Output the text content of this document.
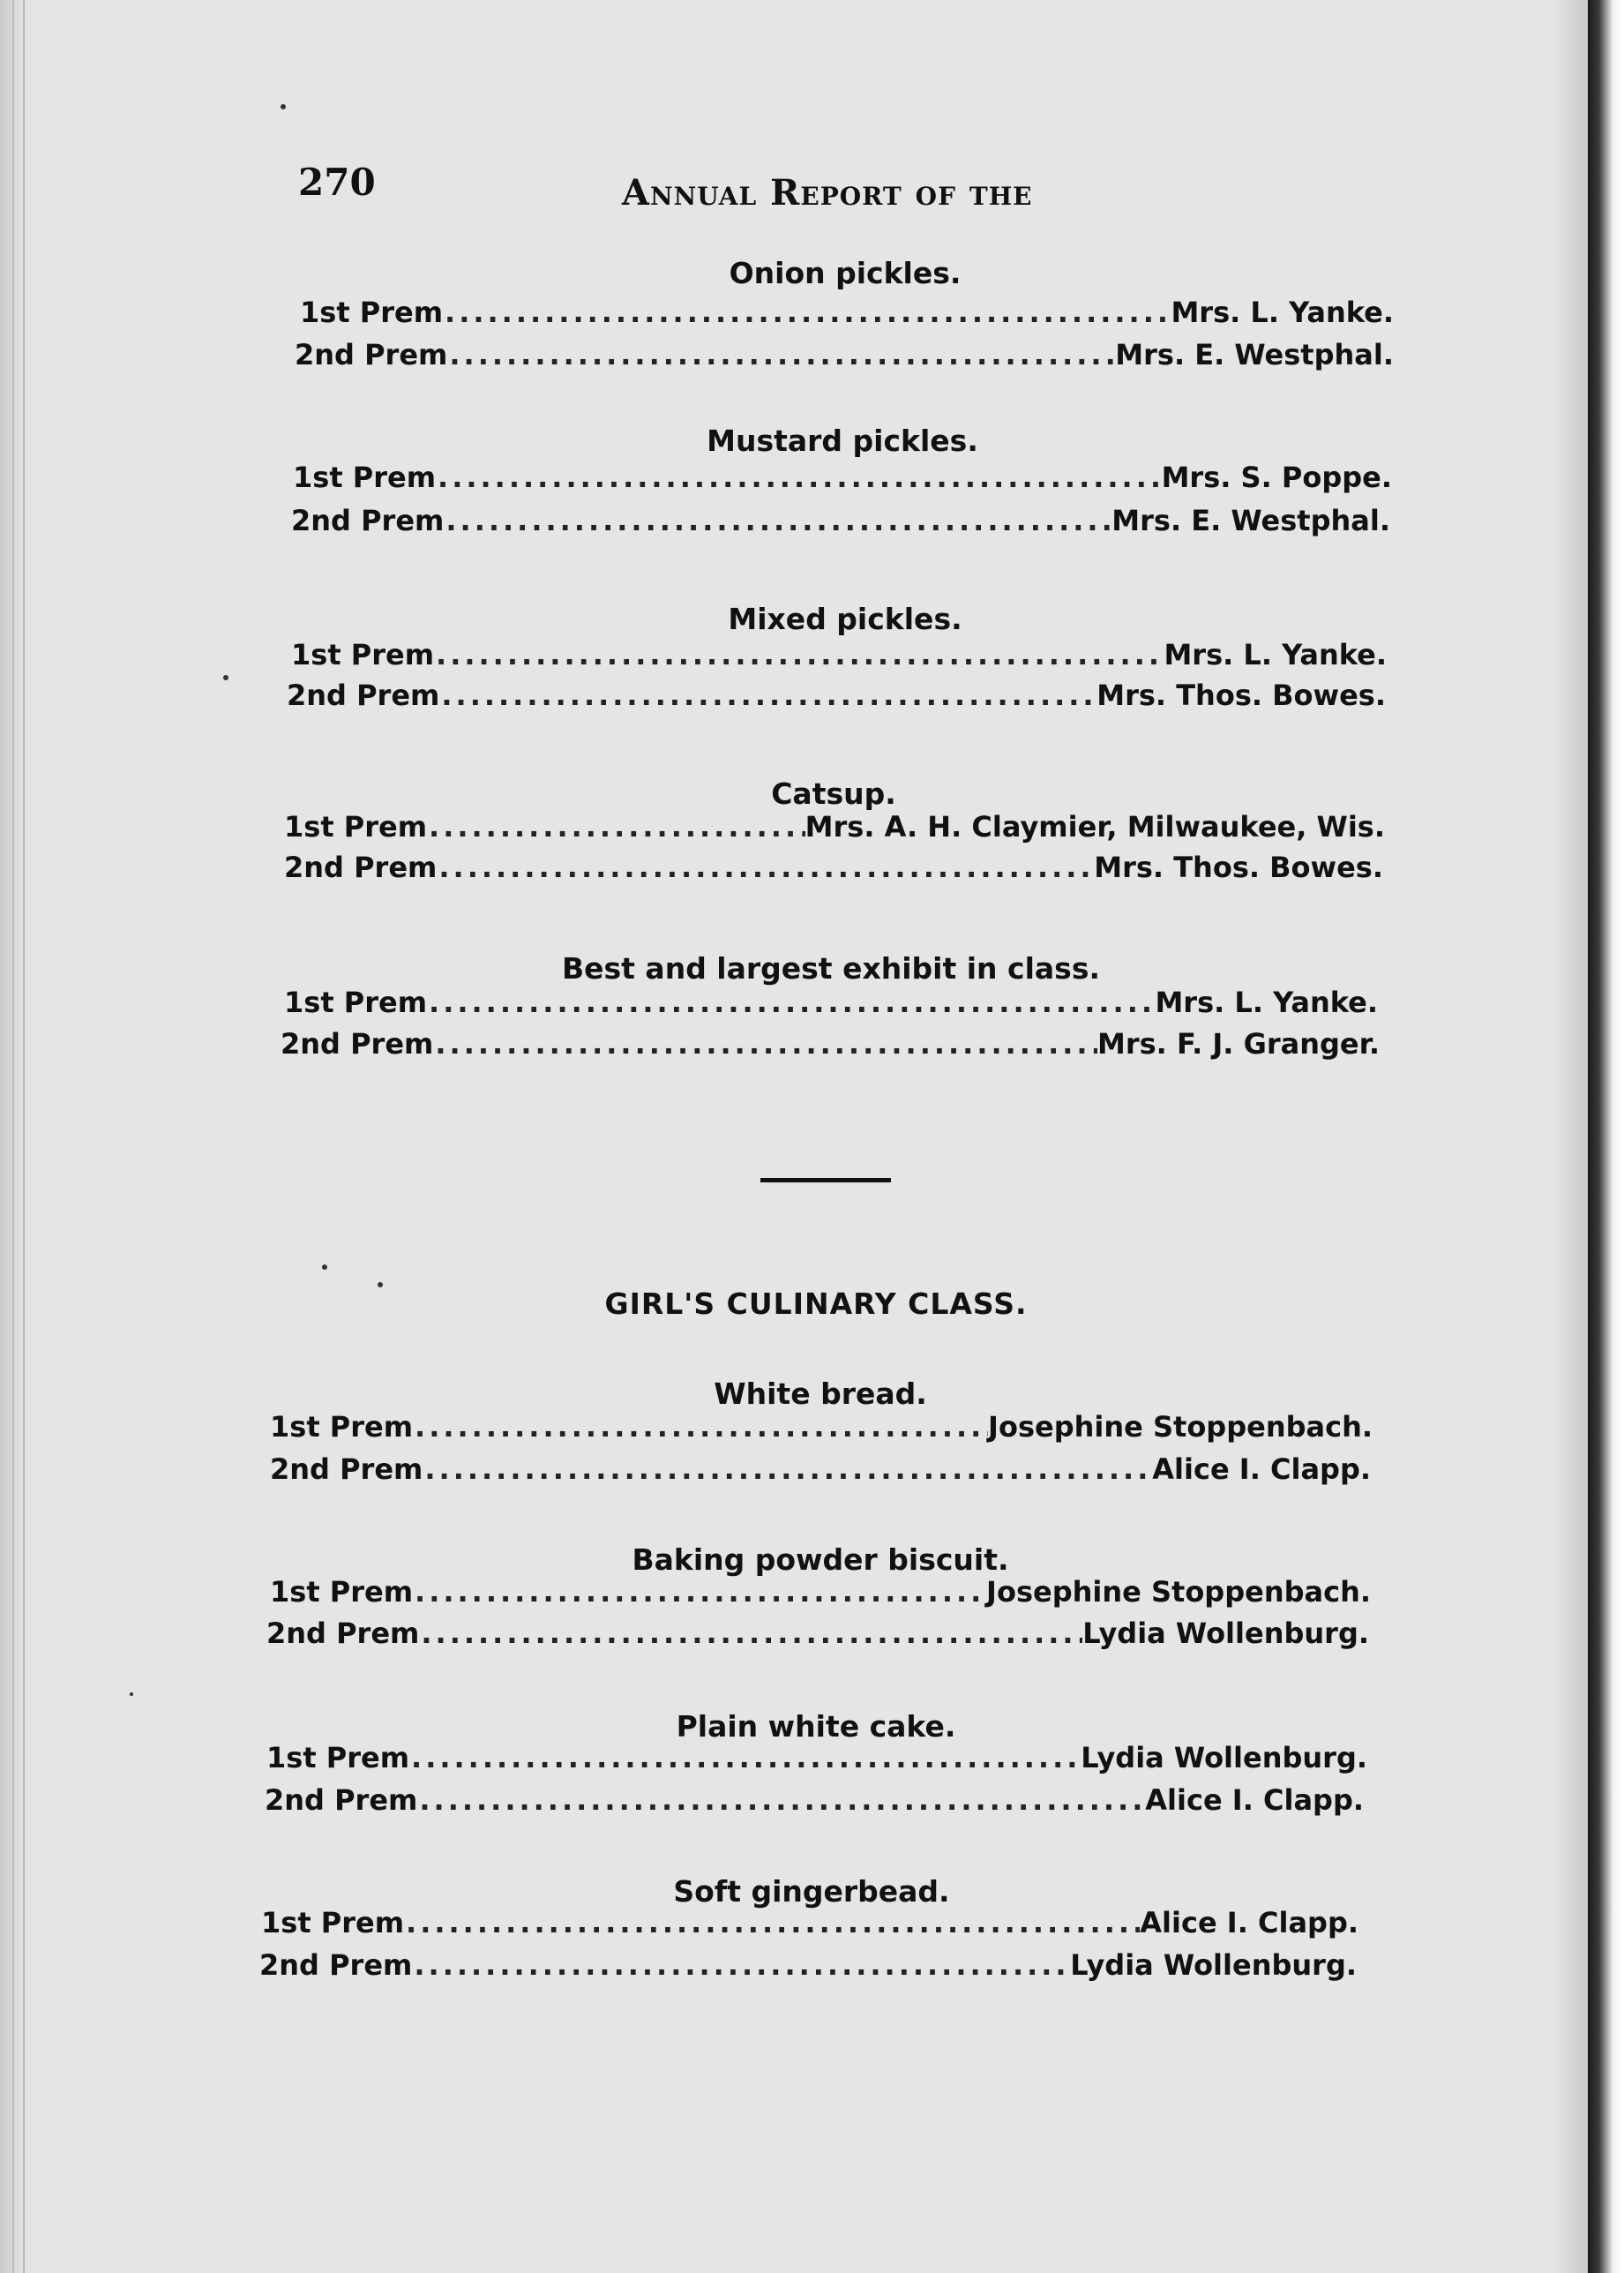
270	Annual Report of the
Onion pickles.
1st Prem .....	Mrs. L. Yanke.
2nd Prem .....	Mrs. E. Westphal.
Mustard pickles.
1st Prem .....	Mrs. S. Poppe.
2nd Prem .....	Mrs. E. Westphal.
Mixed pickles.
1st Prem .....	Mrs. L. Yanke.
2nd Prem .....	Mrs. Thos. Bowes.
Catsup.
1st Prem .....	Mrs. A. H. Claymier, Milwaukee, Wis.
2nd Prem .....	Mrs. Thos. Bowes.
Best and largest exhibit in class.
1st Prem .....	Mrs. L. Yanke.
2nd Prem .....	Mrs. F. J. Granger.
GIRL'S CULINARY CLASS.
White bread.
1st Prem .....	Josephine Stoppenbach.
2nd Prem .....	Alice I. Clapp.
Baking powder biscuit.
1st Prem .....	Josephine Stoppenbach.
2nd Prem .....	Lydia Wollenburg.
Plain white cake.
1st Prem .....	Lydia Wollenburg.
2nd Prem .....	Alice I. Clapp.
Soft gingerbead.
1st Prem .....	Alice I. Clapp.
2nd Prem .....	Lydia Wollenburg.
